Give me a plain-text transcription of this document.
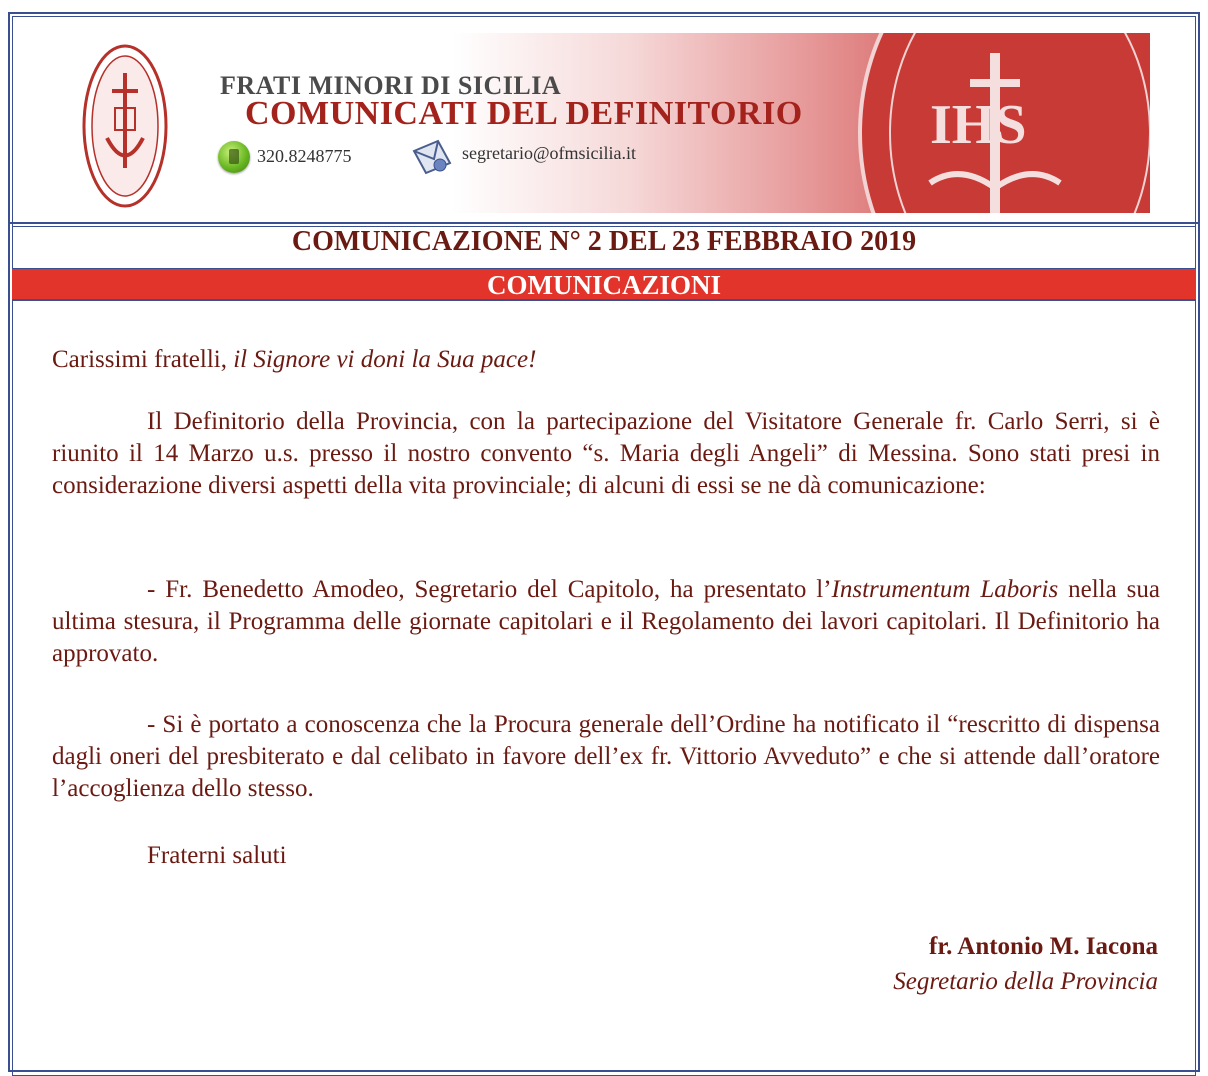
IHS
FRATI MINORI DI SICILIA
COMUNICATI DEL DEFINITORIO
320.8248775	segretario@ofmsicilia.it
COMUNICAZIONE N° 2 DEL 23 FEBBRAIO 2019
COMUNICAZIONI
Carissimi fratelli, il Signore vi doni la Sua pace!

Il Definitorio della Provincia, con la partecipazione del Visitatore Generale fr. Carlo Serri, si è riunito il 14 Marzo u.s. presso il nostro convento “s. Maria degli Angeli” di Messina. Sono stati presi in considerazione diversi aspetti della vita provinciale; di alcuni di essi se ne dà comunicazione:

- Fr. Benedetto Amodeo, Segretario del Capitolo, ha presentato l’Instrumentum Laboris nella sua ultima stesura, il Programma delle giornate capitolari e il Regolamento dei lavori capitolari. Il Definitorio ha approvato.

- Si è portato a conoscenza che la Procura generale dell’Ordine ha notificato il “rescritto di dispensa dagli oneri del presbiterato e dal celibato in favore dell’ex fr. Vittorio Avveduto” e che si attende dall’oratore l’accoglienza dello stesso.

Fraterni saluti
fr. Antonio M. Iacona
Segretario della Provincia
